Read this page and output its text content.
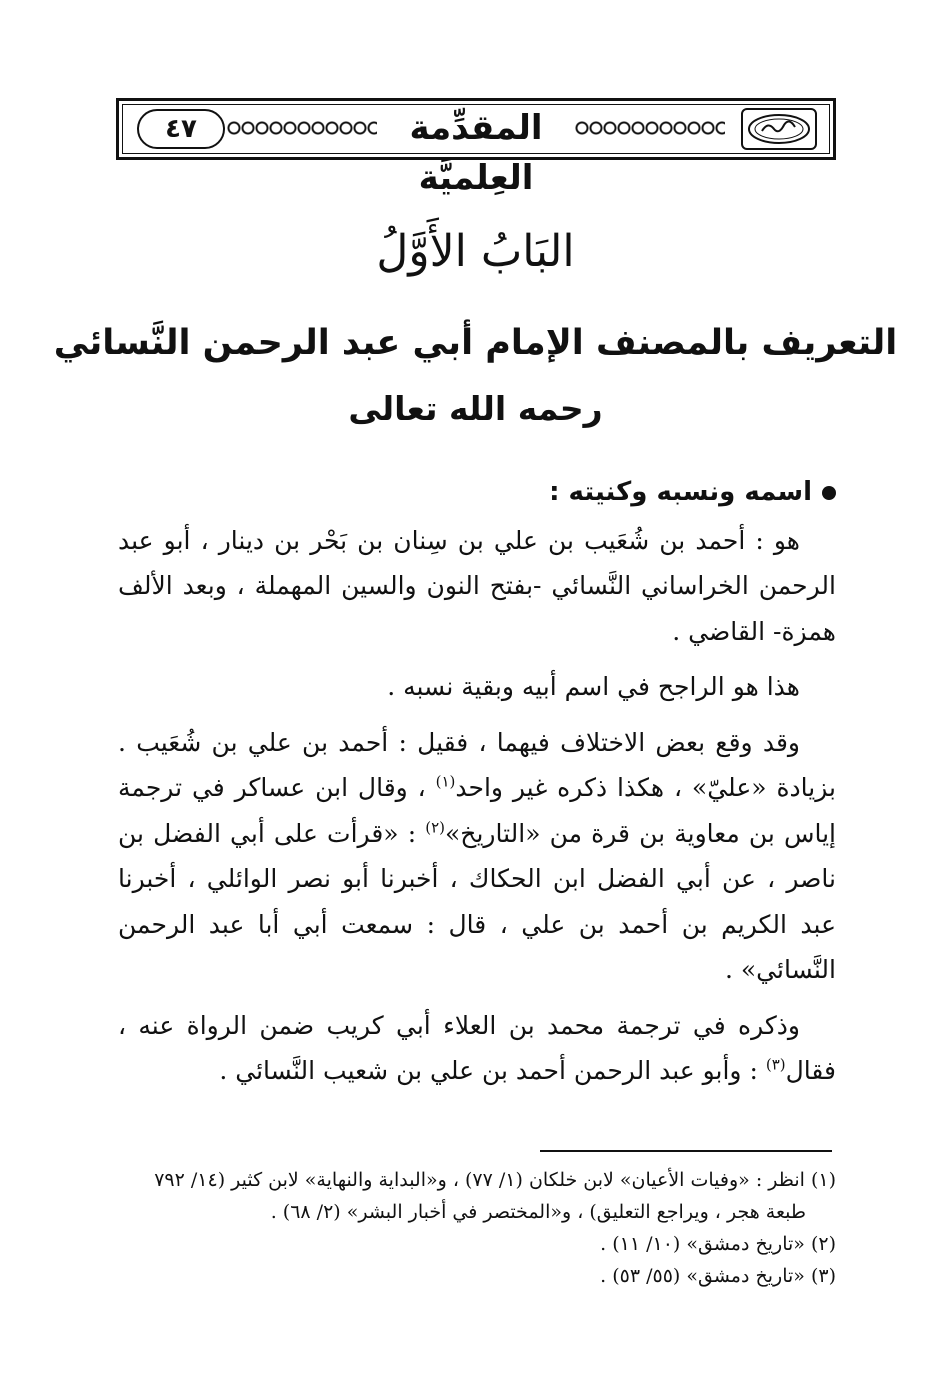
٤٧	المقدِّمة العِلميَّة
البَابُ الأَوَّلُ
التعريف بالمصنف الإمام أبي عبد الرحمن النَّسائي
رحمه الله تعالى
اسمه ونسبه وكنيته :

هو : أحمد بن شُعَيب بن علي بن سِنان بن بَحْر بن دينار ، أبو عبد الرحمن الخراساني النَّسائي -بفتح النون والسين المهملة ، وبعد الألف همزة- القاضي .

هذا هو الراجح في اسم أبيه وبقية نسبه .

وقد وقع بعض الاختلاف فيهما ، فقيل : أحمد بن علي بن شُعَيب . بزيادة «عليّ» ، هكذا ذكره غير واحد$^{(١)}$ ، وقال ابن عساكر في ترجمة إياس بن معاوية بن قرة من «التاريخ»$^{(٢)}$ : «قرأت على أبي الفضل بن ناصر ، عن أبي الفضل ابن الحكاك ، أخبرنا أبو نصر الوائلي ، أخبرنا عبد الكريم بن أحمد بن علي ، قال : سمعت أبي أبا عبد الرحمن النَّسائي» .

وذكره في ترجمة محمد بن العلاء أبي كريب ضمن الرواة عنه ، فقال$^{(٣)}$ : وأبو عبد الرحمن أحمد بن علي بن شعيب النَّسائي .

(١) انظر : «وفيات الأعيان» لابن خلكان (١/ ٧٧) ، و«البداية والنهاية» لابن كثير (١٤/ ٧٩٢

طبعة هجر ، ويراجع التعليق) ، و«المختصر في أخبار البشر» (٢/ ٦٨) .

(٢) «تاريخ دمشق» (١٠/ ١١) .

(٣) «تاريخ دمشق» (٥٥/ ٥٣) .
